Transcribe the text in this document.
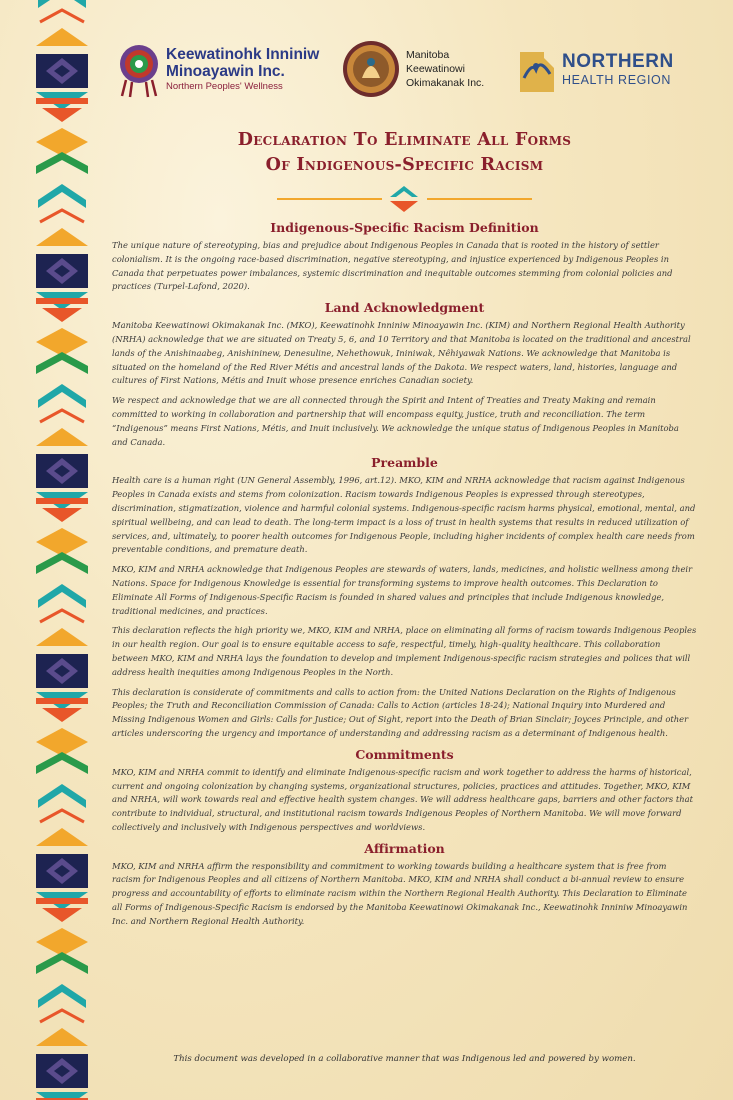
Keewatinohk Inniniw
Minoayawin Inc.
Northern Peoples' Wellness
Manitoba
Keewatinowi
Okimakanak Inc.
NORTHERN
HEALTH REGION
Declaration To Eliminate All Forms
Of Indigenous-Specific Racism
Indigenous-Specific Racism Definition

The unique nature of stereotyping, bias and prejudice about Indigenous Peoples in Canada that is rooted in the history of settler colonialism. It is the ongoing race-based discrimination, negative stereotyping, and injustice experienced by Indigenous Peoples in Canada that perpetuates power imbalances, systemic discrimination and inequitable outcomes stemming from colonial policies and practices (Turpel-Lafond, 2020).

Land Acknowledgment

Manitoba Keewatinowi Okimakanak Inc. (MKO), Keewatinohk Inniniw Minoayawin Inc. (KIM) and Northern Regional Health Authority (NRHA) acknowledge that we are situated on Treaty 5, 6, and 10 Territory and that Manitoba is located on the traditional and ancestral lands of the Anishinaabeg, Anishininew, Denesuline, Nehethowuk, Ininiwak, Nêhiyawak Nations. We acknowledge that Manitoba is situated on the homeland of the Red River Métis and ancestral lands of the Dakota. We respect waters, land, histories, language and cultures of First Nations, Métis and Inuit whose presence enriches Canadian society.

We respect and acknowledge that we are all connected through the Spirit and Intent of Treaties and Treaty Making and remain committed to working in collaboration and partnership that will encompass equity, justice, truth and reconciliation. The term “Indigenous” means First Nations, Métis, and Inuit inclusively. We acknowledge the unique status of Indigenous Peoples in Manitoba and Canada.

Preamble

Health care is a human right (UN General Assembly, 1996, art.12). MKO, KIM and NRHA acknowledge that racism against Indigenous Peoples in Canada exists and stems from colonization. Racism towards Indigenous Peoples is expressed through stereotypes, discrimination, stigmatization, violence and harmful colonial systems. Indigenous-specific racism harms physical, emotional, mental, and spiritual wellbeing, and can lead to death. The long-term impact is a loss of trust in health systems that results in reduced utilization of services, and, ultimately, to poorer health outcomes for Indigenous People, including higher incidents of complex health care needs from preventable conditions, and premature death.

MKO, KIM and NRHA acknowledge that Indigenous Peoples are stewards of waters, lands, medicines, and holistic wellness among their Nations. Space for Indigenous Knowledge is essential for transforming systems to improve health outcomes. This Declaration to Eliminate All Forms of Indigenous-Specific Racism is founded in shared values and principles that include Indigenous knowledge, traditional medicines, and practices.

This declaration reflects the high priority we, MKO, KIM and NRHA, place on eliminating all forms of racism towards Indigenous Peoples in our health region. Our goal is to ensure equitable access to safe, respectful, timely, high-quality healthcare. This collaboration between MKO, KIM and NRHA lays the foundation to develop and implement Indigenous-specific racism strategies and polices that will address health inequities among Indigenous Peoples in the North.

This declaration is considerate of commitments and calls to action from: the United Nations Declaration on the Rights of Indigenous Peoples; the Truth and Reconciliation Commission of Canada: Calls to Action (articles 18-24); National Inquiry into Murdered and Missing Indigenous Women and Girls: Calls for Justice; Out of Sight, report into the Death of Brian Sinclair; Joyces Principle, and other articles underscoring the urgency and importance of understanding and addressing racism as a determinant of Indigenous health.

Commitments

MKO, KIM and NRHA commit to identify and eliminate Indigenous-specific racism and work together to address the harms of historical, current and ongoing colonization by changing systems, organizational structures, policies, practices and attitudes. Together, MKO, KIM and NRHA, will work towards real and effective health system changes. We will address healthcare gaps, barriers and other factors that contribute to individual, structural, and institutional racism towards Indigenous Peoples of Northern Manitoba. We will move forward collectively and inclusively with Indigenous perspectives and worldviews.

Affirmation

MKO, KIM and NRHA affirm the responsibility and commitment to working towards building a healthcare system that is free from racism for Indigenous Peoples and all citizens of Northern Manitoba. MKO, KIM and NRHA shall conduct a bi-annual review to ensure progress and accountability of efforts to eliminate racism within the Northern Regional Health Authority. This Declaration to Eliminate all Forms of Indigenous-Specific Racism is endorsed by the Manitoba Keewatinowi Okimakanak Inc., Keewatinohk Inniniw Minoayawin Inc. and Northern Regional Health Authority.

This document was developed in a collaborative manner that was Indigenous led and powered by women.
